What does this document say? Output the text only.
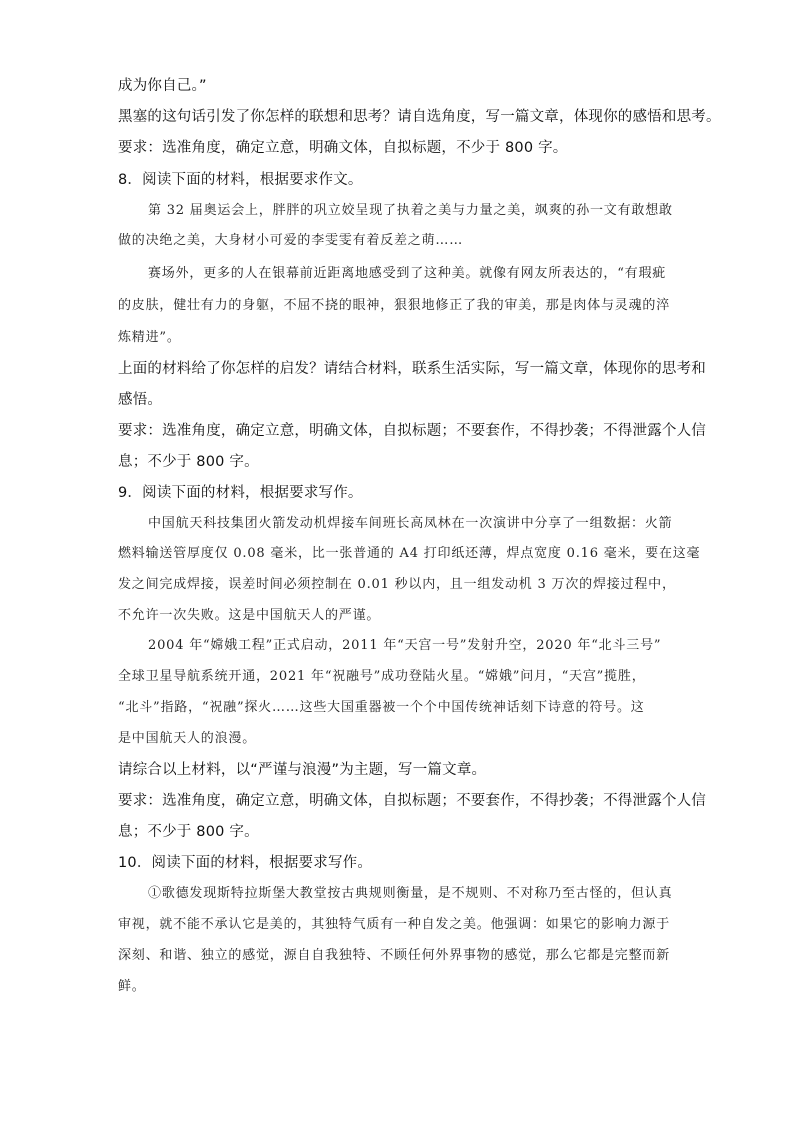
成为你自己。”
黑塞的这句话引发了你怎样的联想和思考？请自选角度，写一篇文章，体现你的感悟和思考。
要求：选准角度，确定立意，明确文体，自拟标题，不少于 800 字。
8．阅读下面的材料，根据要求作文。
第 32 届奥运会上，胖胖的巩立姣呈现了执着之美与力量之美，飒爽的孙一文有敢想敢
做的决绝之美，大身材小可爱的李雯雯有着反差之萌……
赛场外，更多的人在银幕前近距离地感受到了这种美。就像有网友所表达的，“有瑕疵
的皮肤，健壮有力的身躯，不屈不挠的眼神，狠狠地修正了我的审美，那是肉体与灵魂的淬
炼精进”。
上面的材料给了你怎样的启发？请结合材料，联系生活实际，写一篇文章，体现你的思考和
感悟。
要求：选准角度，确定立意，明确文体，自拟标题；不要套作，不得抄袭；不得泄露个人信
息；不少于 800 字。
9．阅读下面的材料，根据要求写作。
中国航天科技集团火箭发动机焊接车间班长高凤林在一次演讲中分享了一组数据：火箭
燃料输送管厚度仅 0.08 毫米，比一张普通的 A4 打印纸还薄，焊点宽度 0.16 毫米，要在这毫
发之间完成焊接，误差时间必须控制在 0.01 秒以内，且一组发动机 3 万次的焊接过程中，
不允许一次失败。这是中国航天人的严谨。
2004 年“嫦娥工程”正式启动，2011 年“天宫一号”发射升空，2020 年“北斗三号”
全球卫星导航系统开通，2021 年“祝融号”成功登陆火星。“嫦娥”问月，“天宫”揽胜，
“北斗”指路，“祝融”探火……这些大国重器被一个个中国传统神话刻下诗意的符号。这
是中国航天人的浪漫。
请综合以上材料，以“严谨与浪漫”为主题，写一篇文章。
要求：选准角度，确定立意，明确文体，自拟标题；不要套作，不得抄袭；不得泄露个人信
息；不少于 800 字。
10．阅读下面的材料，根据要求写作。
①歌德发现斯特拉斯堡大教堂按古典规则衡量，是不规则、不对称乃至古怪的，但认真
审视，就不能不承认它是美的，其独特气质有一种自发之美。他强调：如果它的影响力源于
深刻、和谐、独立的感觉，源自自我独特、不顾任何外界事物的感觉，那么它都是完整而新
鲜。
